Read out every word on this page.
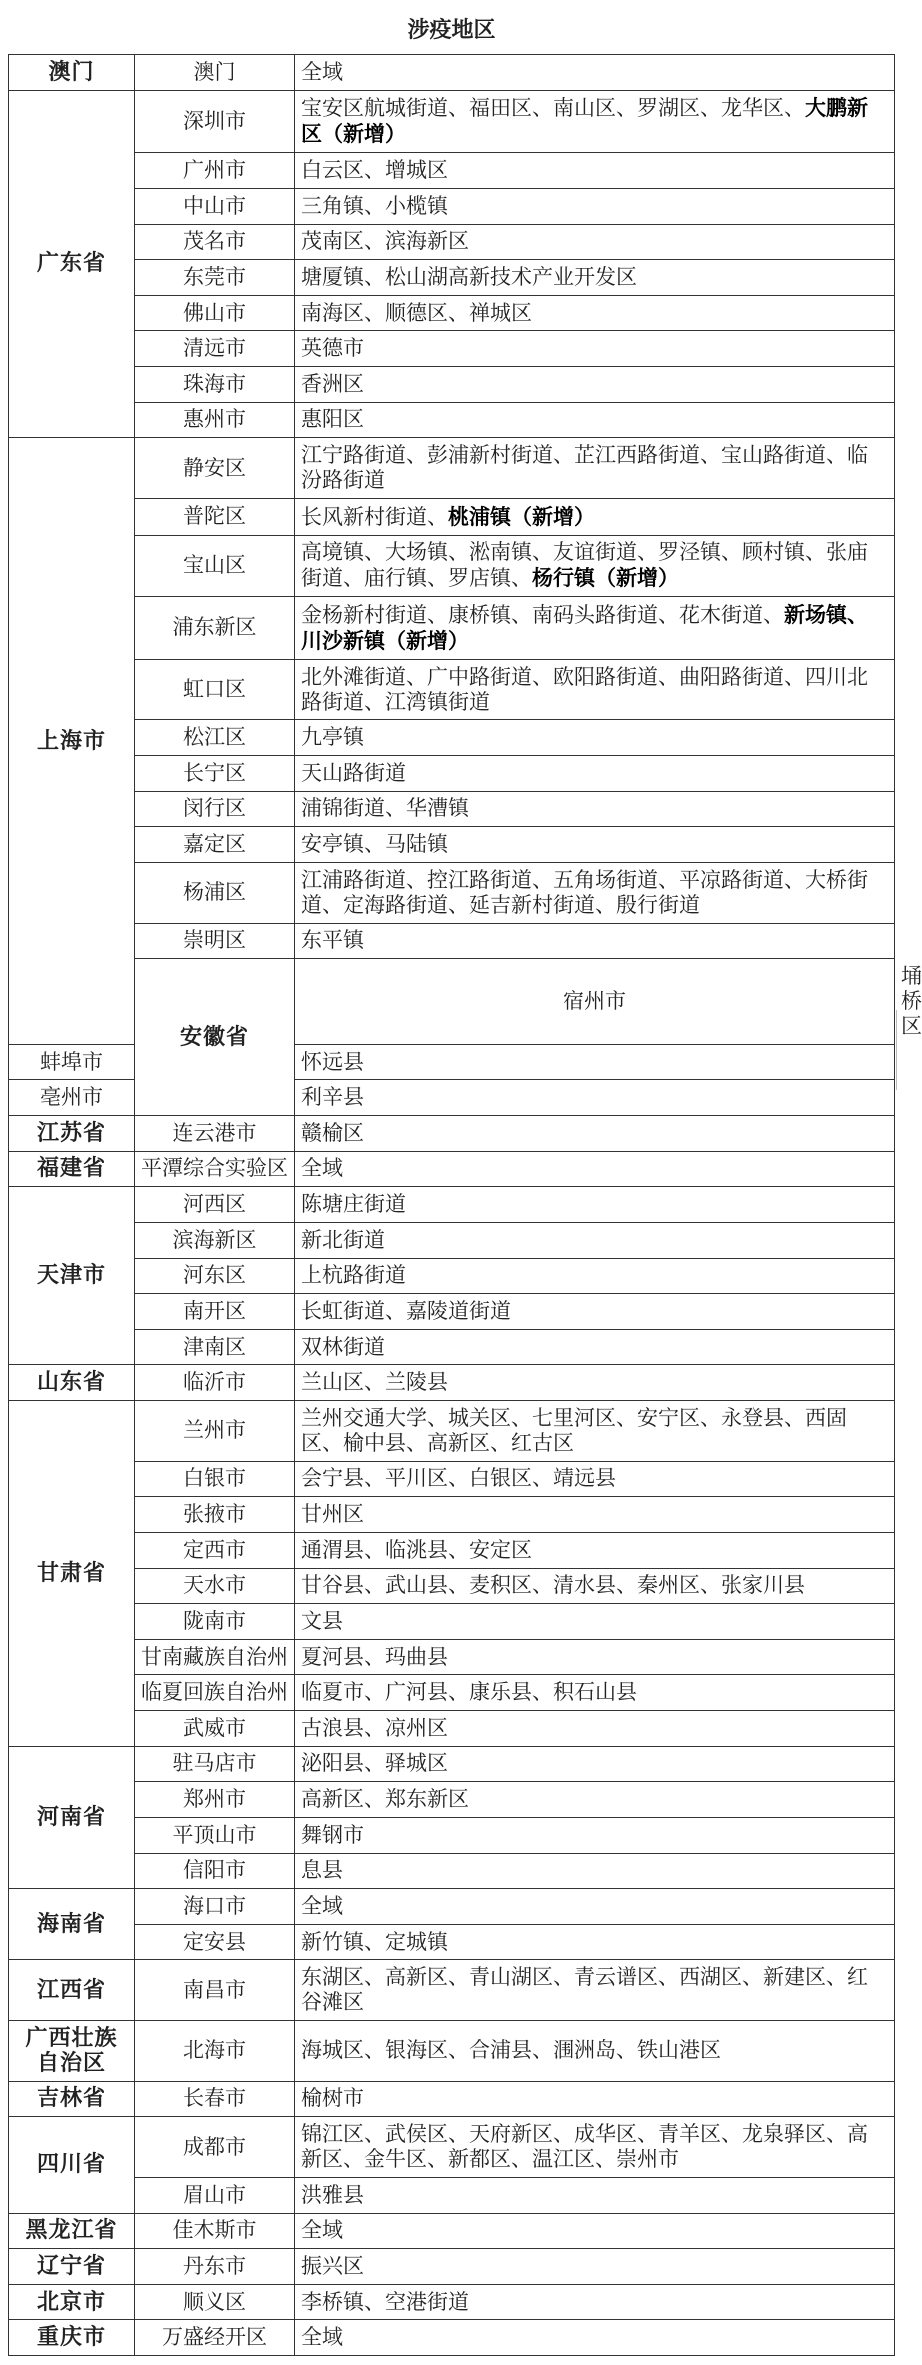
涉疫地区			
澳门	澳门	全域	
广东省	深圳市	宝安区航城街道、福田区、南山区、罗湖区、龙华区、大鹏新区（新增）	
	广州市	白云区、增城区	
	中山市	三角镇、小榄镇	
	茂名市	茂南区、滨海新区	
	东莞市	塘厦镇、松山湖高新技术产业开发区	
	佛山市	南海区、顺德区、禅城区	
	清远市	英德市	
	珠海市	香洲区	
	惠州市	惠阳区	
上海市	静安区	江宁路街道、彭浦新村街道、芷江西路街道、宝山路街道、临汾路街道	
	普陀区	长风新村街道、桃浦镇（新增）	
	宝山区	高境镇、大场镇、淞南镇、友谊街道、罗泾镇、顾村镇、张庙街道、庙行镇、罗店镇、杨行镇（新增）	
	浦东新区	金杨新村街道、康桥镇、南码头路街道、花木街道、新场镇、川沙新镇（新增）	
	虹口区	北外滩街道、广中路街道、欧阳路街道、曲阳路街道、四川北路街道、江湾镇街道	
	松江区	九亭镇	
	长宁区	天山路街道	
	闵行区	浦锦街道、华漕镇	
	嘉定区	安亭镇、马陆镇	
	杨浦区	江浦路街道、控江路街道、五角场街道、平凉路街道、大桥街道、定海路街道、延吉新村街道、殷行街道	
	崇明区	东平镇	
	安徽省	宿州市	埇桥区
蚌埠市		怀远县	
亳州市		利辛县	
江苏省	连云港市	赣榆区	
福建省	平潭综合实验区	全域	
天津市	河西区	陈塘庄街道	
	滨海新区	新北街道	
	河东区	上杭路街道	
	南开区	长虹街道、嘉陵道街道	
	津南区	双林街道	
山东省	临沂市	兰山区、兰陵县	
甘肃省	兰州市	兰州交通大学、城关区、七里河区、安宁区、永登县、西固区、榆中县、高新区、红古区	
	白银市	会宁县、平川区、白银区、靖远县	
	张掖市	甘州区	
	定西市	通渭县、临洮县、安定区	
	天水市	甘谷县、武山县、麦积区、清水县、秦州区、张家川县	
	陇南市	文县	
	甘南藏族自治州	夏河县、玛曲县	
	临夏回族自治州	临夏市、广河县、康乐县、积石山县	
	武威市	古浪县、凉州区	
河南省	驻马店市	泌阳县、驿城区	
	郑州市	高新区、郑东新区	
	平顶山市	舞钢市	
	信阳市	息县	
海南省	海口市	全域	
	定安县	新竹镇、定城镇	
江西省	南昌市	东湖区、高新区、青山湖区、青云谱区、西湖区、新建区、红谷滩区	
广西壮族自治区	北海市	海城区、银海区、合浦县、涠洲岛、铁山港区	
吉林省	长春市	榆树市	
四川省	成都市	锦江区、武侯区、天府新区、成华区、青羊区、龙泉驿区、高新区、金牛区、新都区、温江区、崇州市	
	眉山市	洪雅县	
黑龙江省	佳木斯市	全域	
辽宁省	丹东市	振兴区	
北京市	顺义区	李桥镇、空港街道	
重庆市	万盛经开区	全域	
